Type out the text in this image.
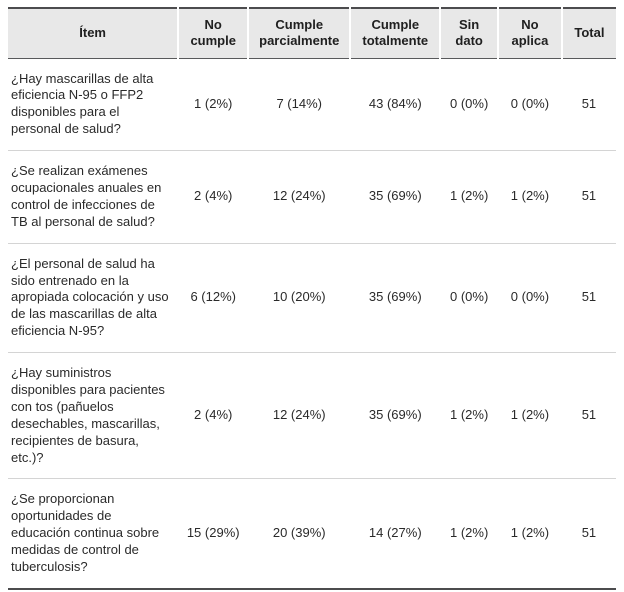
Ítem	No cumple	Cumple parcialmente	Cumple totalmente	Sin dato	No aplica	Total
¿Hay mascarillas de alta eficiencia N-95 o FFP2 disponibles para el personal de salud?	1 (2%)	7 (14%)	43 (84%)	0 (0%)	0 (0%)	51
¿Se realizan exámenes ocupacionales anuales en control de infecciones de TB al personal de salud?	2 (4%)	12 (24%)	35 (69%)	1 (2%)	1 (2%)	51
¿El personal de salud ha sido entrenado en la apropiada colocación y uso de las mascarillas de alta eficiencia N-95?	6 (12%)	10 (20%)	35 (69%)	0 (0%)	0 (0%)	51
¿Hay suministros disponibles para pacientes con tos (pañuelos desechables, mascarillas, recipientes de basura, etc.)?	2 (4%)	12 (24%)	35 (69%)	1 (2%)	1 (2%)	51
¿Se proporcionan oportunidades de educación continua sobre medidas de control de tuberculosis?	15 (29%)	20 (39%)	14 (27%)	1 (2%)	1 (2%)	51
